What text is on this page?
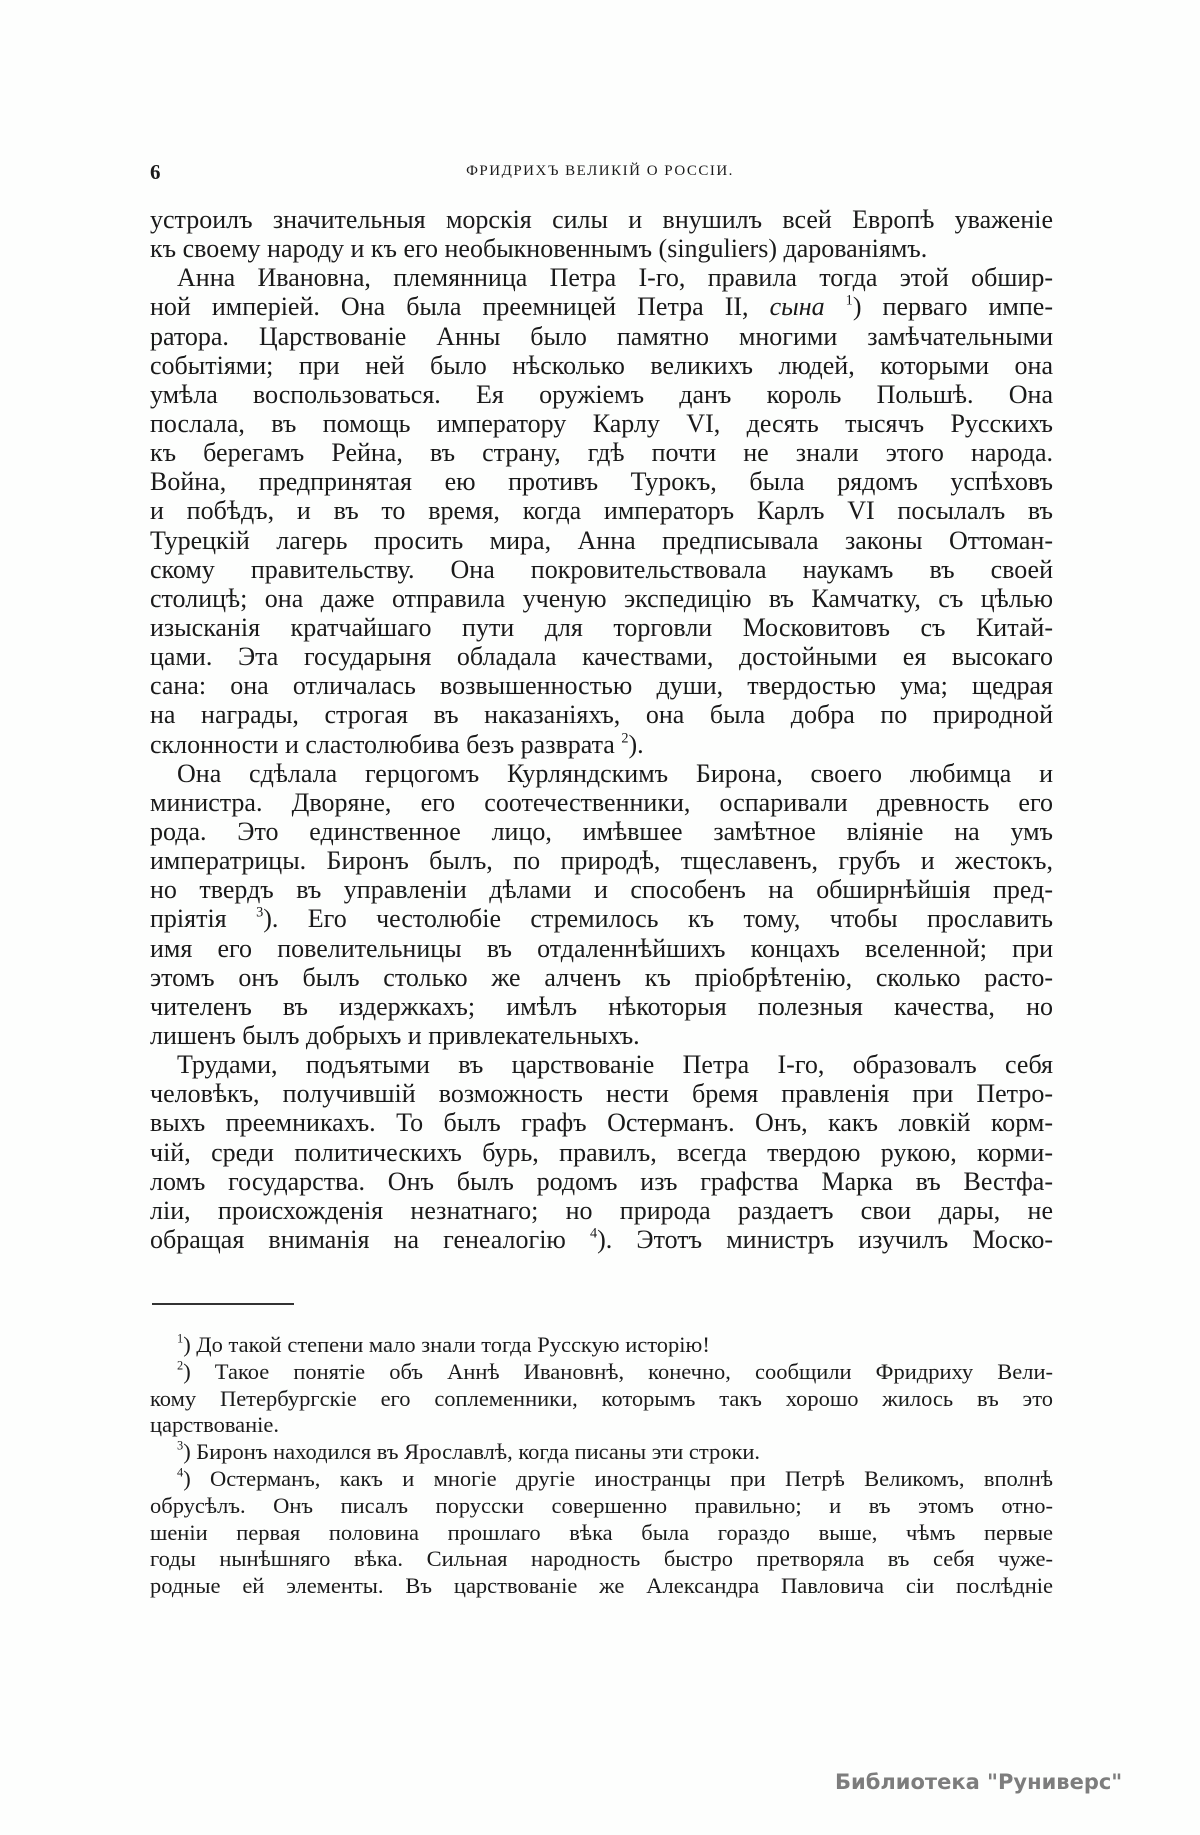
6	ФРИДРИХЪ ВЕЛИКІЙ О РОССІИ.
устроилъ значительныя морскія силы и внушилъ всей Европѣ уваженіе
къ своему народу и къ его необыкновеннымъ (singuliers) дарованіямъ.
Анна Ивановна, племянница Петра I-го, правила тогда этой обшир-
ной имперіей. Она была преемницей Петра II, сына $^1$) перваго импе-
ратора. Царствованіе Анны было памятно многими замѣчательными
событіями; при ней было нѣсколько великихъ людей, которыми она
умѣла воспользоваться. Ея оружіемъ данъ король Польшѣ. Она
послала, въ помощь императору Карлу VI, десять тысячъ Русскихъ
къ берегамъ Рейна, въ страну, гдѣ почти не знали этого народа.
Война, предпринятая ею противъ Турокъ, была рядомъ успѣховъ
и побѣдъ, и въ то время, когда императоръ Карлъ VI посылалъ въ
Турецкій лагерь просить мира, Анна предписывала законы Оттоман-
скому правительству. Она покровительствовала наукамъ въ своей
столицѣ; она даже отправила ученую экспедицію въ Камчатку, съ цѣлью
изысканія кратчайшаго пути для торговли Московитовъ съ Китай-
цами. Эта государыня обладала качествами, достойными ея высокаго
сана: она отличалась возвышенностью души, твердостью ума; щедрая
на награды, строгая въ наказаніяхъ, она была добра по природной
склонности и сластолюбива безъ разврата $^2$).
Она сдѣлала герцогомъ Курляндскимъ Бирона, своего любимца и
министра. Дворяне, его соотечественники, оспаривали древность его
рода. Это единственное лицо, имѣвшее замѣтное вліяніе на умъ
императрицы. Биронъ былъ, по природѣ, тщеславенъ, грубъ и жестокъ,
но твердъ въ управленіи дѣлами и способенъ на обширнѣйшія пред-
пріятія $^3$). Его честолюбіе стремилось къ тому, чтобы прославить
имя его повелительницы въ отдаленнѣйшихъ концахъ вселенной; при
этомъ онъ былъ столько же алченъ къ пріобрѣтенію, сколько расто-
чителенъ въ издержкахъ; имѣлъ нѣкоторыя полезныя качества, но
лишенъ былъ добрыхъ и привлекательныхъ.
Трудами, подъятыми въ царствованіе Петра I-го, образовалъ себя
человѣкъ, получившій возможность нести бремя правленія при Петро-
выхъ преемникахъ. То былъ графъ Остерманъ. Онъ, какъ ловкій корм-
чій, среди политическихъ бурь, правилъ, всегда твердою рукою, корми-
ломъ государства. Онъ былъ родомъ изъ графства Марка въ Вестфа-
ліи, происхожденія незнатнаго; но природа раздаетъ свои дары, не
обращая вниманія на генеалогію $^4$). Этотъ министръ изучилъ Моско-
$^1$) До такой степени мало знали тогда Русскую исторію!
$^2$) Такое понятіе объ Аннѣ Ивановнѣ, конечно, сообщили Фридриху Вели-
кому Петербургскіе его соплеменники, которымъ такъ хорошо жилось въ это
царствованіе.
$^3$) Биронъ находился въ Ярославлѣ, когда писаны эти строки.
$^4$) Остерманъ, какъ и многіе другіе иностранцы при Петрѣ Великомъ, вполнѣ
обрусѣлъ. Онъ писалъ порусски совершенно правильно; и въ этомъ отно-
шеніи первая половина прошлаго вѣка была гораздо выше, чѣмъ первые
годы нынѣшняго вѣка. Сильная народность быстро претворяла въ себя чуже-
родные ей элементы. Въ царствованіе же Александра Павловича сіи послѣдніе
Библиотека "Руниверс"
